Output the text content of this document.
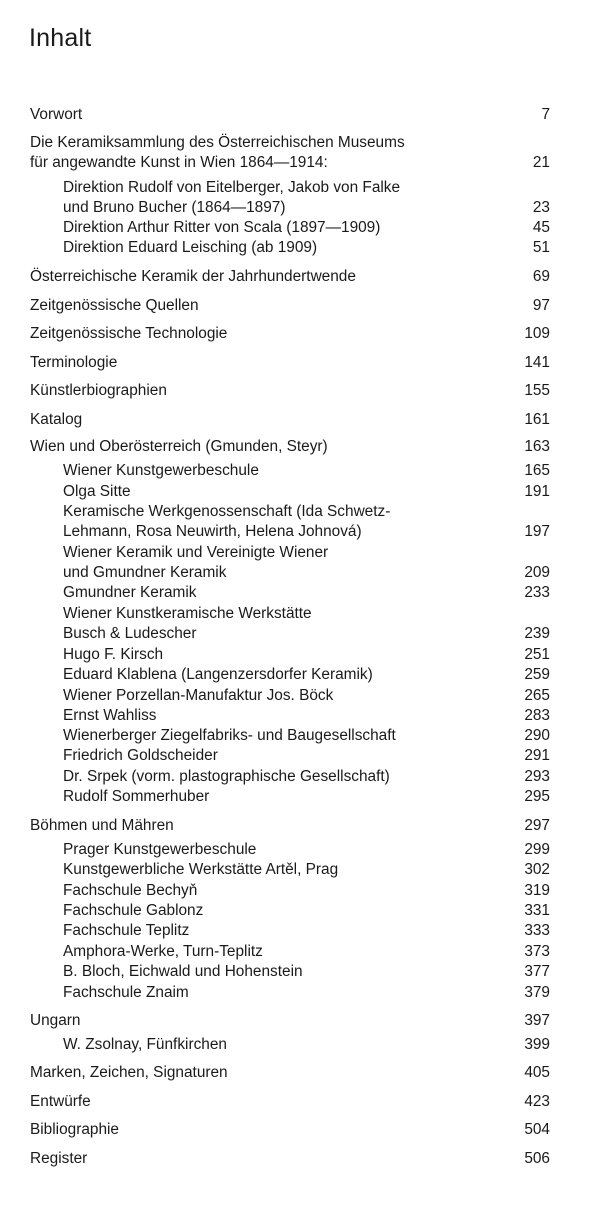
Inhalt
Vorwort	7
Die Keramiksammlung des Österreichischen Museums
für angewandte Kunst in Wien 1864—1914:	21
Direktion Rudolf von Eitelberger, Jakob von Falke
und Bruno Bucher (1864—1897)	23
Direktion Arthur Ritter von Scala (1897—1909)	45
Direktion Eduard Leisching (ab 1909)	51
Österreichische Keramik der Jahrhundertwende	69
Zeitgenössische Quellen	97
Zeitgenössische Technologie	109
Terminologie	141
Künstlerbiographien	155
Katalog	161
Wien und Oberösterreich (Gmunden, Steyr)	163
Wiener Kunstgewerbeschule	165
Olga Sitte	191
Keramische Werkgenossenschaft (Ida Schwetz-
Lehmann, Rosa Neuwirth, Helena Johnová)	197
Wiener Keramik und Vereinigte Wiener
und Gmundner Keramik	209
Gmundner Keramik	233
Wiener Kunstkeramische Werkstätte
Busch & Ludescher	239
Hugo F. Kirsch	251
Eduard Klablena (Langenzersdorfer Keramik)	259
Wiener Porzellan-Manufaktur Jos. Böck	265
Ernst Wahliss	283
Wienerberger Ziegelfabriks- und Baugesellschaft	290
Friedrich Goldscheider	291
Dr. Srpek (vorm. plastographische Gesellschaft)	293
Rudolf Sommerhuber	295
Böhmen und Mähren	297
Prager Kunstgewerbeschule	299
Kunstgewerbliche Werkstätte Artěl, Prag	302
Fachschule Bechyň	319
Fachschule Gablonz	331
Fachschule Teplitz	333
Amphora-Werke, Turn-Teplitz	373
B. Bloch, Eichwald und Hohenstein	377
Fachschule Znaim	379
Ungarn	397
W. Zsolnay, Fünfkirchen	399
Marken, Zeichen, Signaturen	405
Entwürfe	423
Bibliographie	504
Register	506
